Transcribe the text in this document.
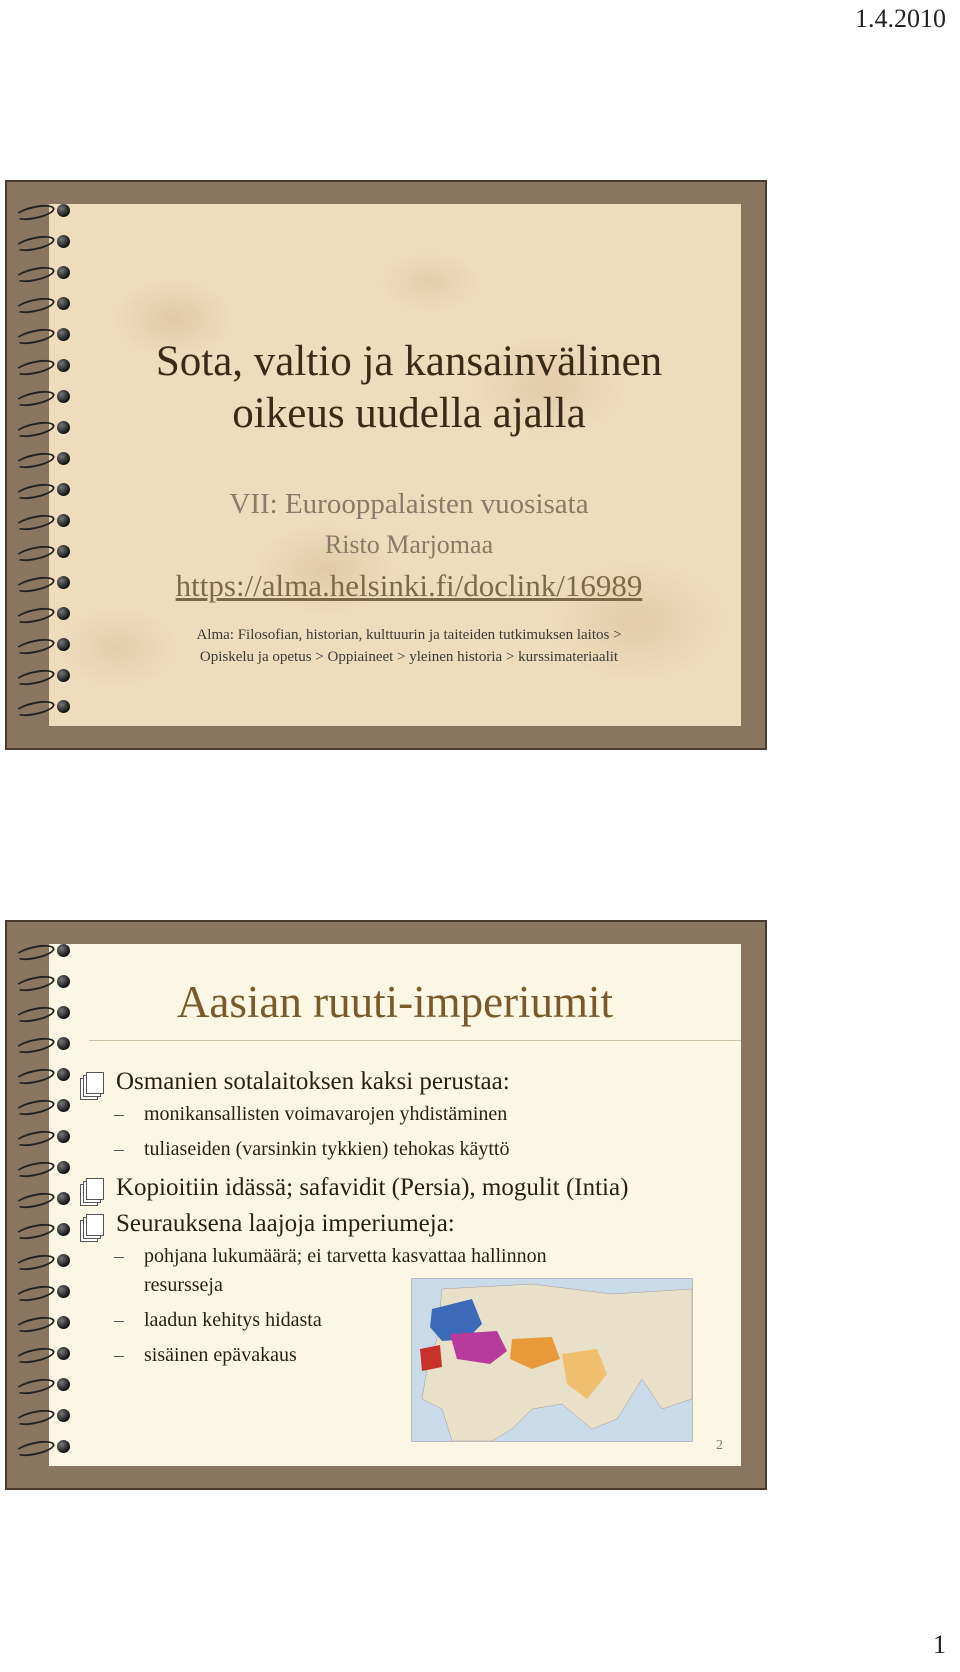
1.4.2010
Sota, valtio ja kansainvälinen
oikeus uudella ajalla
VII: Eurooppalaisten vuosisata
Risto Marjomaa
https://alma.helsinki.fi/doclink/16989
Alma: Filosofian, historian, kulttuurin ja taiteiden tutkimuksen laitos >
Opiskelu ja opetus > Oppiaineet > yleinen historia > kurssimateriaalit
Aasian ruuti-imperiumit
Osmanien sotalaitoksen kaksi perustaa:
– monikansallisten voimavarojen yhdistäminen
– tuliaseiden (varsinkin tykkien) tehokas käyttö
Kopioitiin idässä; safavidit (Persia), mogulit (Intia)
Seurauksena laajoja imperiumeja:
– pohjana lukumäärä; ei tarvetta kasvattaa hallinnon
resursseja
– laadun kehitys hidasta
– sisäinen epävakaus
2
1
